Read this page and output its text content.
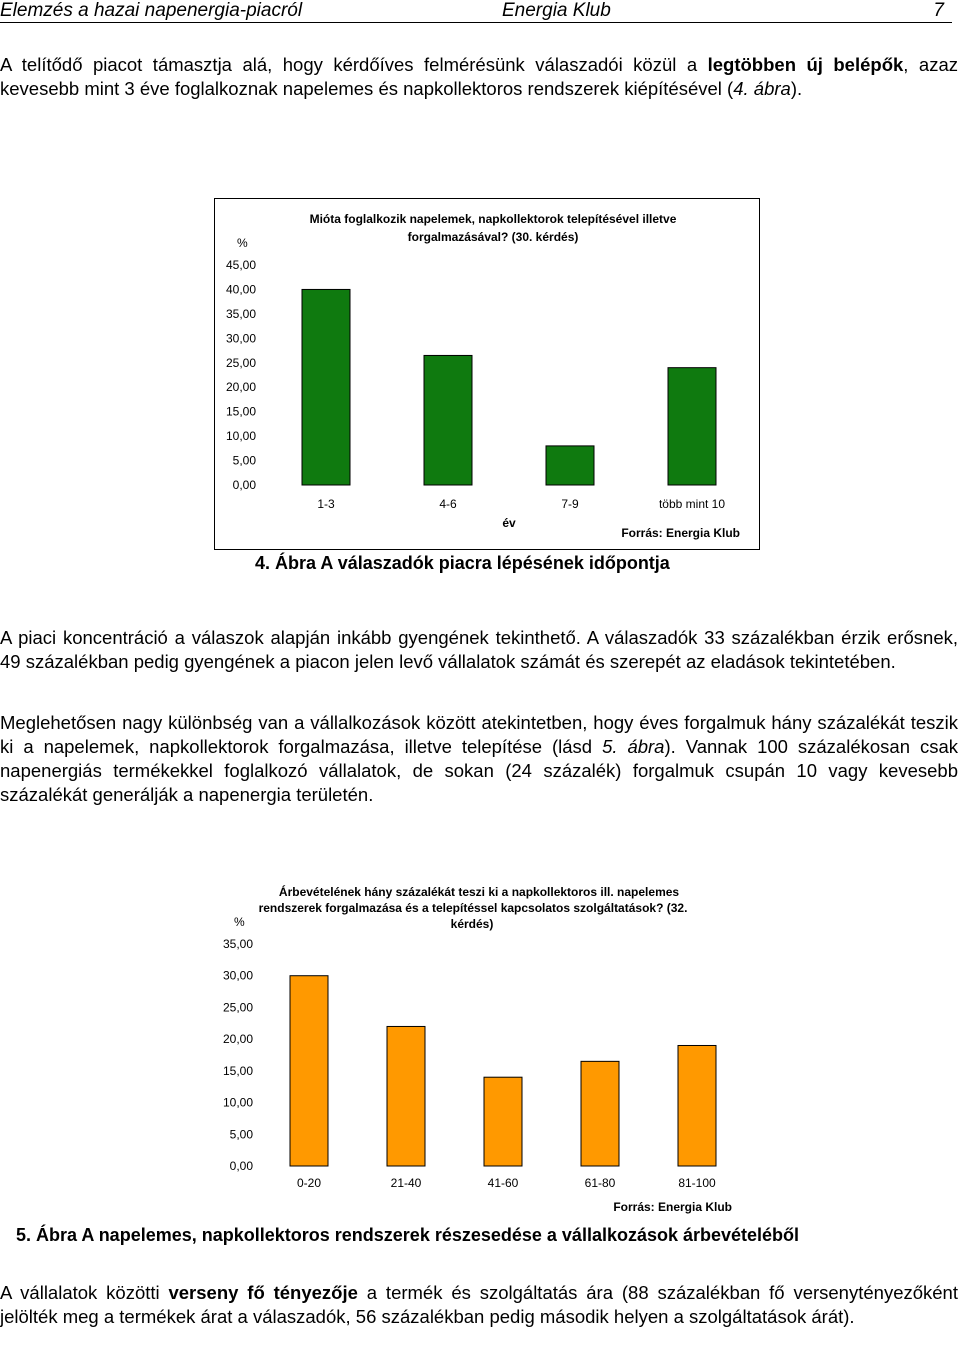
Elemzés a hazai napenergia-piacról	Energia Klub	7

A telítődő piacot támasztja alá, hogy kérdőíves felmérésünk válaszadói közül a legtöbben új belépők, azaz kevesebb mint 3 éve foglalkoznak napelemes és napkollektoros rendszerek kiépítésével (4. ábra).

Mióta foglalkozik napelemek, napkollektorok telepítésével illetve
forgalmazásával? (30. kérdés)
%
év
Forrás: Energia Klub
0,00
5,00
10,00
15,00
20,00
25,00
30,00
35,00
40,00
45,00
1-3	4-6	7-9	több mint 10
4. Ábra A válaszadók piacra lépésének időpontja

A piaci koncentráció a válaszok alapján inkább gyengének tekinthető. A válaszadók 33 százalékban érzik erősnek, 49 százalékban pedig gyengének a piacon jelen levő vállalatok számát és szerepét az eladások tekintetében.

Meglehetősen nagy különbség van a vállalkozások között atekintetben, hogy éves forgalmuk hány százalékát teszik ki a napelemek, napkollektorok forgalmazása, illetve telepítése (lásd 5. ábra). Vannak 100 százalékosan csak napenergiás termékekkel foglalkozó vállalatok, de sokan (24 százalék) forgalmuk csupán 10 vagy kevesebb százalékát generálják a napenergia területén.

Árbevételének hány százalékát teszi ki a napkollektoros ill. napelemes
rendszerek forgalmazása és a telepítéssel kapcsolatos szolgáltatások? (32.
kérdés)
%
Forrás: Energia Klub
0,00
5,00
10,00
15,00
20,00
25,00
30,00
35,00
0-20	21-40	41-60	61-80	81-100
5. Ábra A napelemes, napkollektoros rendszerek részesedése a vállalkozások árbevételéből

A vállalatok közötti verseny fő tényezője a termék és szolgáltatás ára (88 százalékban fő versenytényezőként jelölték meg a termékek árat a válaszadók, 56 százalékban pedig második helyen a szolgáltatások árát).
